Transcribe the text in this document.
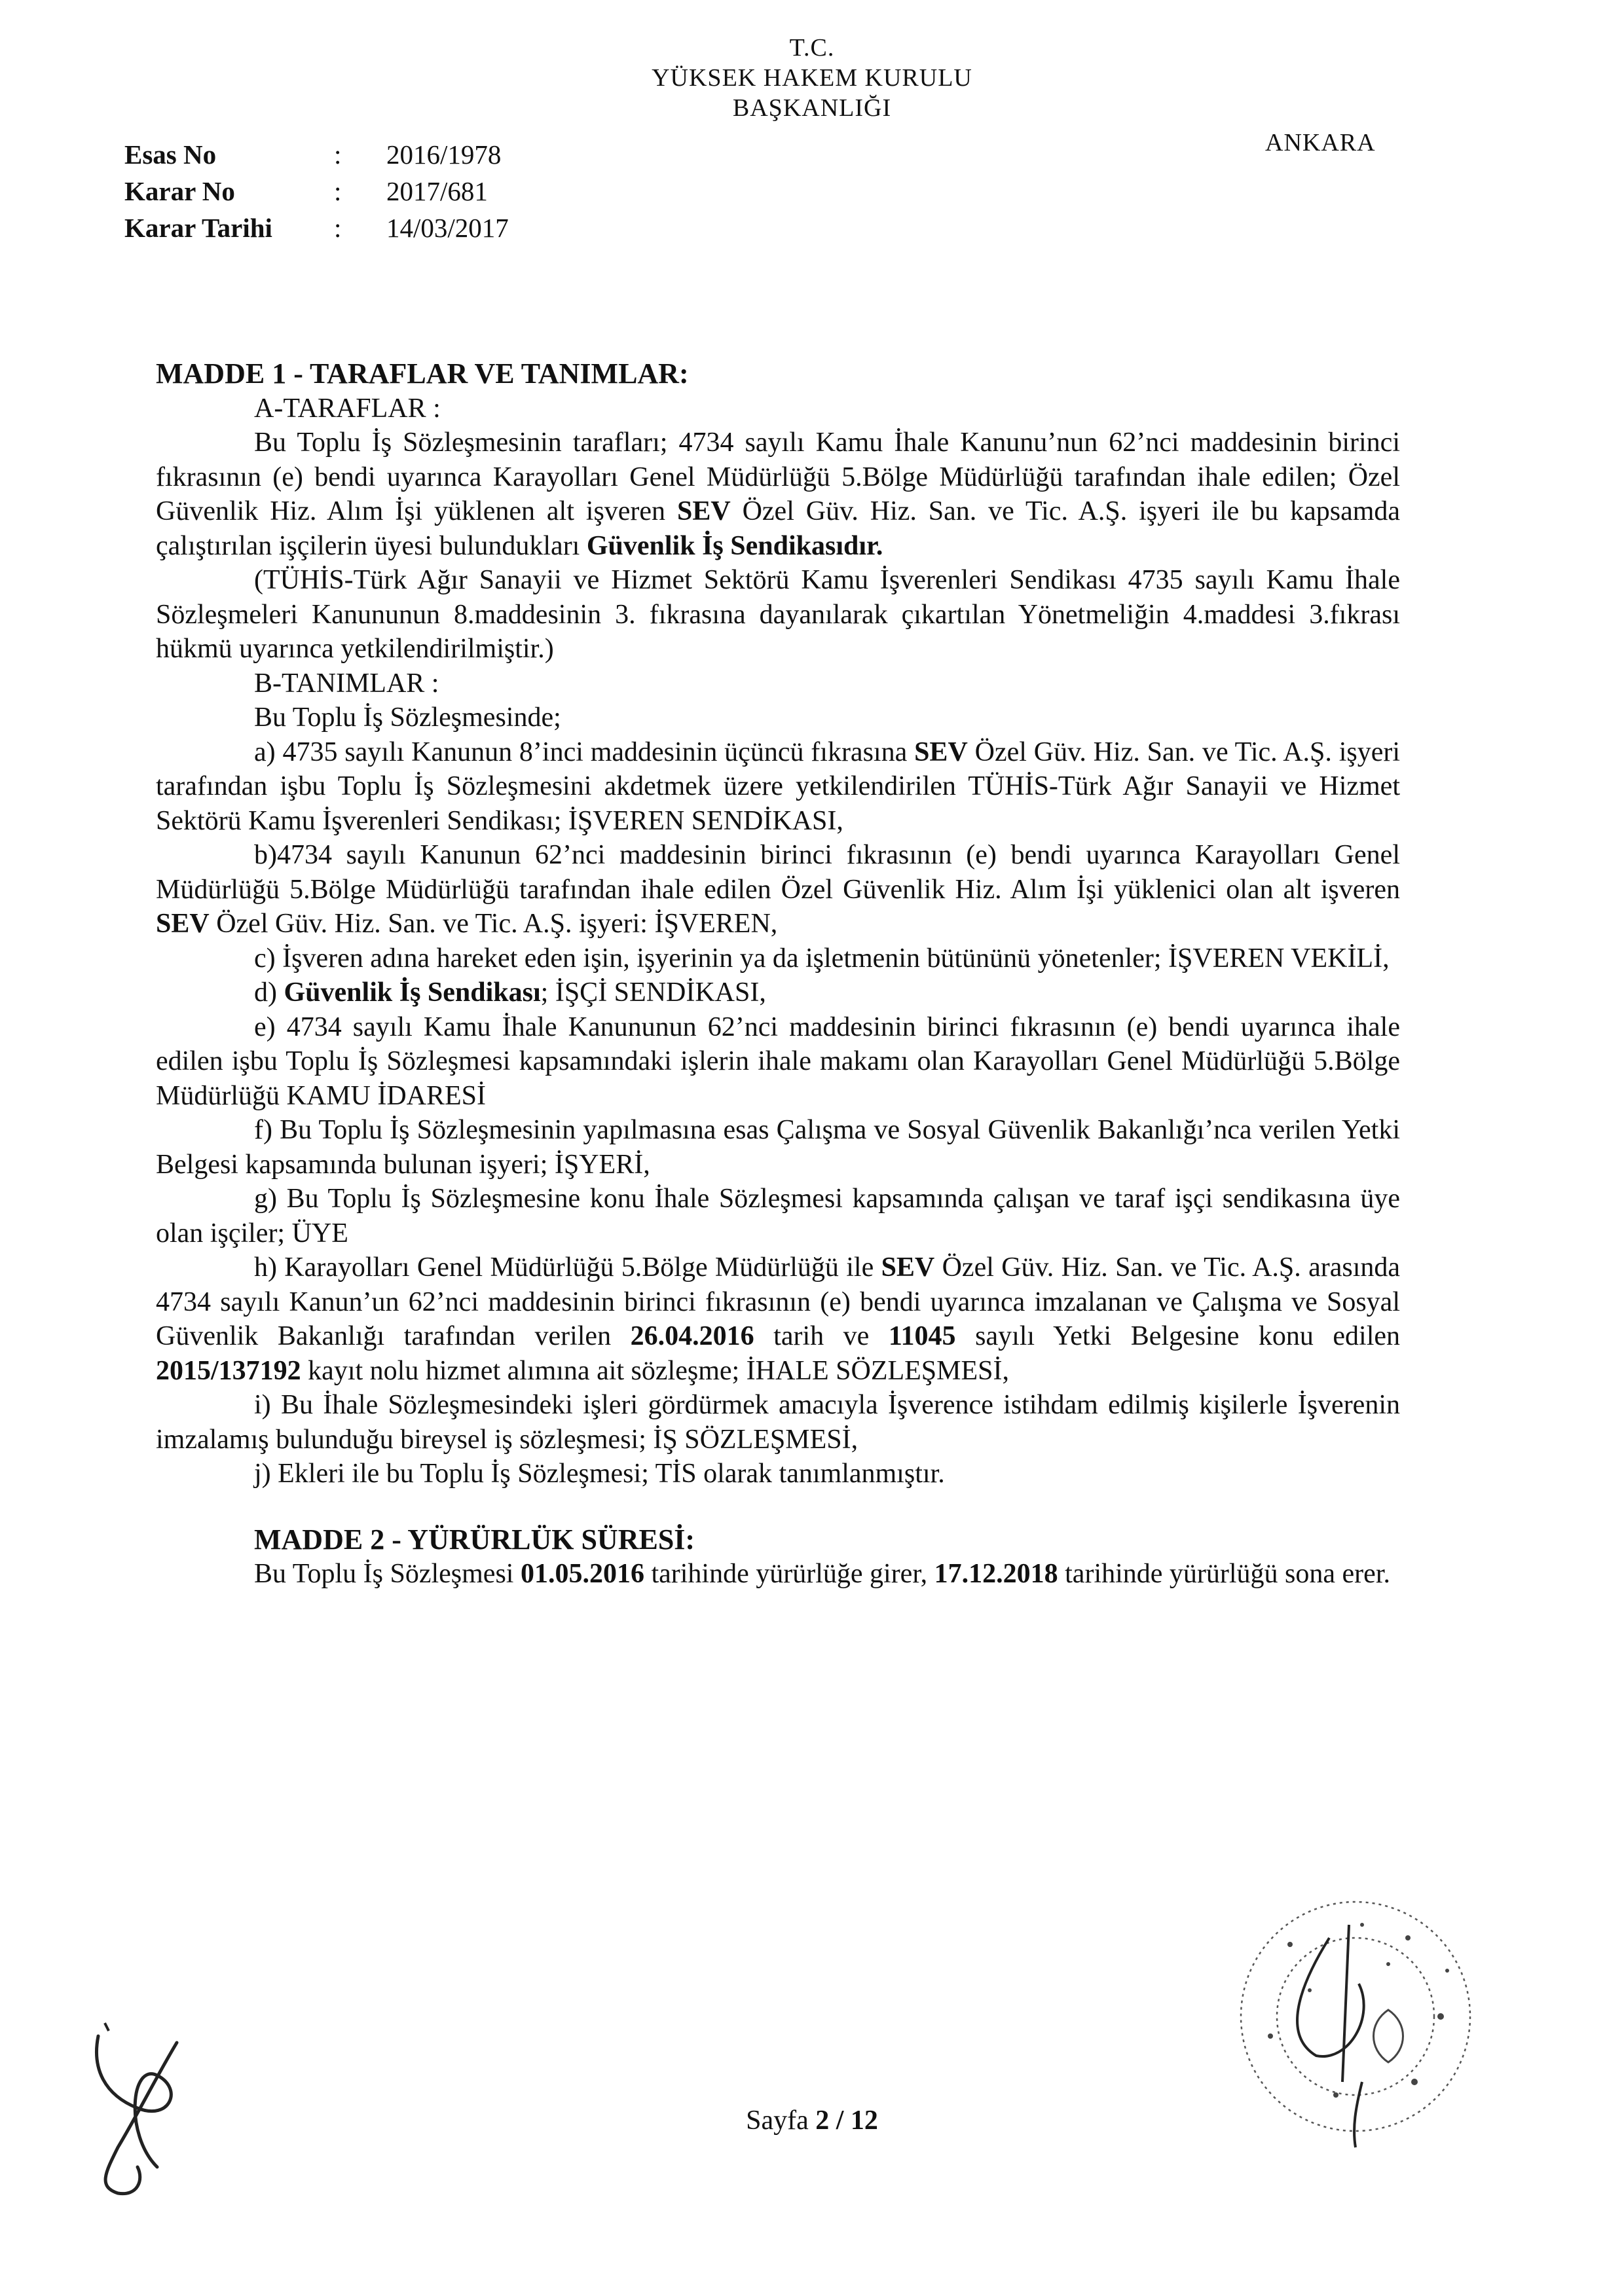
T.C.
YÜKSEK HAKEM KURULU
BAŞKANLIĞI
ANKARA
Esas No	:	2016/1978
Karar No	:	2017/681
Karar Tarihi	:	14/03/2017

MADDE 1 - TARAFLAR VE TANIMLAR:

A-TARAFLAR :

Bu Toplu İş Sözleşmesinin tarafları; 4734 sayılı Kamu İhale Kanunu’nun 62’nci maddesinin birinci fıkrasının (e) bendi uyarınca Karayolları Genel Müdürlüğü 5.Bölge Müdürlüğü tarafından ihale edilen; Özel Güvenlik Hiz. Alım İşi yüklenen alt işveren SEV Özel Güv. Hiz. San. ve Tic. A.Ş. işyeri ile bu kapsamda çalıştırılan işçilerin üyesi bulundukları Güvenlik İş Sendikasıdır.

(TÜHİS-Türk Ağır Sanayii ve Hizmet Sektörü Kamu İşverenleri Sendikası 4735 sayılı Kamu İhale Sözleşmeleri Kanununun 8.maddesinin 3. fıkrasına dayanılarak çıkartılan Yönetmeliğin 4.maddesi 3.fıkrası hükmü uyarınca yetkilendirilmiştir.)

B-TANIMLAR :

Bu Toplu İş Sözleşmesinde;

a) 4735 sayılı Kanunun 8’inci maddesinin üçüncü fıkrasına SEV Özel Güv. Hiz. San. ve Tic. A.Ş. işyeri tarafından işbu Toplu İş Sözleşmesini akdetmek üzere yetkilendirilen TÜHİS-Türk Ağır Sanayii ve Hizmet Sektörü Kamu İşverenleri Sendikası; İŞVEREN SENDİKASI,

b)4734 sayılı Kanunun 62’nci maddesinin birinci fıkrasının (e) bendi uyarınca Karayolları Genel Müdürlüğü 5.Bölge Müdürlüğü tarafından ihale edilen Özel Güvenlik Hiz. Alım İşi yüklenici olan alt işveren SEV Özel Güv. Hiz. San. ve Tic. A.Ş. işyeri: İŞVEREN,

c) İşveren adına hareket eden işin, işyerinin ya da işletmenin bütününü yönetenler; İŞVEREN VEKİLİ,

d) Güvenlik İş Sendikası; İŞÇİ SENDİKASI,

e) 4734 sayılı Kamu İhale Kanununun 62’nci maddesinin birinci fıkrasının (e) bendi uyarınca ihale edilen işbu Toplu İş Sözleşmesi kapsamındaki işlerin ihale makamı olan Karayolları Genel Müdürlüğü 5.Bölge Müdürlüğü KAMU İDARESİ

f) Bu Toplu İş Sözleşmesinin yapılmasına esas Çalışma ve Sosyal Güvenlik Bakanlığı’nca verilen Yetki Belgesi kapsamında bulunan işyeri; İŞYERİ,

g) Bu Toplu İş Sözleşmesine konu İhale Sözleşmesi kapsamında çalışan ve taraf işçi sendikasına üye olan işçiler; ÜYE

h) Karayolları Genel Müdürlüğü 5.Bölge Müdürlüğü ile SEV Özel Güv. Hiz. San. ve Tic. A.Ş. arasında 4734 sayılı Kanun’un 62’nci maddesinin birinci fıkrasının (e) bendi uyarınca imzalanan ve Çalışma ve Sosyal Güvenlik Bakanlığı tarafından verilen 26.04.2016 tarih ve 11045 sayılı Yetki Belgesine konu edilen 2015/137192 kayıt nolu hizmet alımına ait sözleşme; İHALE SÖZLEŞMESİ,

i) Bu İhale Sözleşmesindeki işleri gördürmek amacıyla İşverence istihdam edilmiş kişilerle İşverenin imzalamış bulunduğu bireysel iş sözleşmesi; İŞ SÖZLEŞMESİ,

j) Ekleri ile bu Toplu İş Sözleşmesi; TİS olarak tanımlanmıştır.

MADDE 2 - YÜRÜRLÜK SÜRESİ:

Bu Toplu İş Sözleşmesi 01.05.2016 tarihinde yürürlüğe girer, 17.12.2018 tarihinde yürürlüğü sona erer.

Sayfa 2 / 12
